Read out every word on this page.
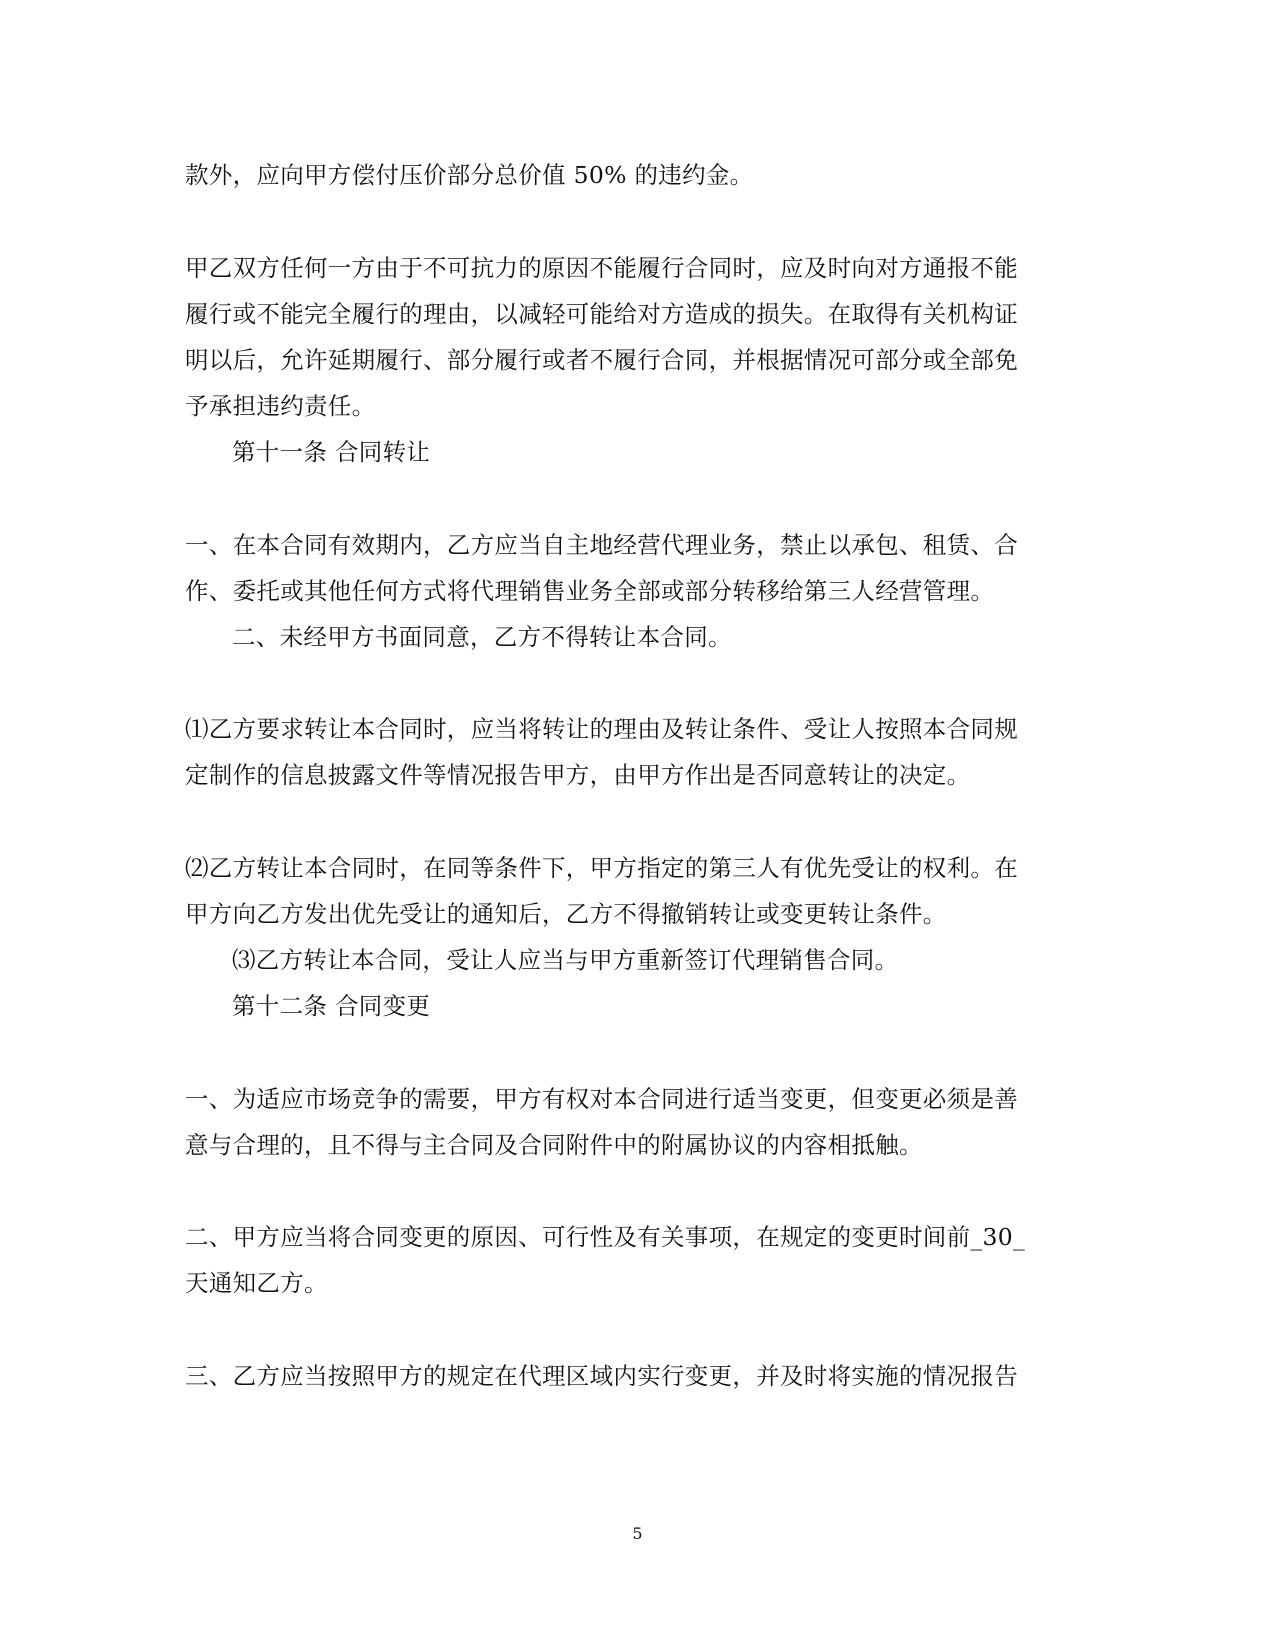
款外，应向甲方偿付压价部分总价值 50% 的违约金。
甲乙双方任何一方由于不可抗力的原因不能履行合同时，应及时向对方通报不能
履行或不能完全履行的理由，以减轻可能给对方造成的损失。在取得有关机构证
明以后，允许延期履行、部分履行或者不履行合同，并根据情况可部分或全部免
予承担违约责任。
第十一条 合同转让
一、在本合同有效期内，乙方应当自主地经营代理业务，禁止以承包、租赁、合
作、委托或其他任何方式将代理销售业务全部或部分转移给第三人经营管理。
二、未经甲方书面同意，乙方不得转让本合同。
⑴乙方要求转让本合同时，应当将转让的理由及转让条件、受让人按照本合同规
定制作的信息披露文件等情况报告甲方，由甲方作出是否同意转让的决定。
⑵乙方转让本合同时，在同等条件下，甲方指定的第三人有优先受让的权利。在
甲方向乙方发出优先受让的通知后，乙方不得撤销转让或变更转让条件。
⑶乙方转让本合同，受让人应当与甲方重新签订代理销售合同。
第十二条 合同变更
一、为适应市场竞争的需要，甲方有权对本合同进行适当变更，但变更必须是善
意与合理的，且不得与主合同及合同附件中的附属协议的内容相抵触。
二、甲方应当将合同变更的原因、可行性及有关事项，在规定的变更时间前_30_
天通知乙方。
三、乙方应当按照甲方的规定在代理区域内实行变更，并及时将实施的情况报告
5
